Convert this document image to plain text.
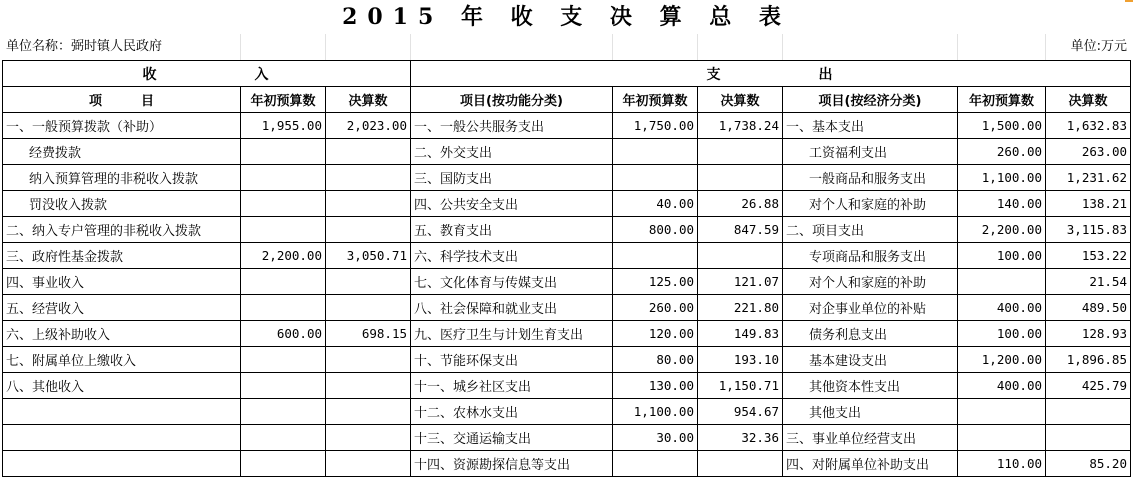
2015 年 收 支 决 算 总 表
单位名称：弼时镇人民政府	单位:万元
收　　　　　　入			支　　　　　　出					
项　　　目	年初预算数	决算数	项目(按功能分类)	年初预算数	决算数	项目(按经济分类)	年初预算数	决算数
一、一般预算拨款（补助）	1,955.00	2,023.00	一、一般公共服务支出	1,750.00	1,738.24	一、基本支出	1,500.00	1,632.83
经费拨款			二、外交支出			工资福利支出	260.00	263.00
纳入预算管理的非税收入拨款			三、国防支出			一般商品和服务支出	1,100.00	1,231.62
罚没收入拨款			四、公共安全支出	40.00	26.88	对个人和家庭的补助	140.00	138.21
二、纳入专户管理的非税收入拨款			五、教育支出	800.00	847.59	二、项目支出	2,200.00	3,115.83
三、政府性基金拨款	2,200.00	3,050.71	六、科学技术支出			专项商品和服务支出	100.00	153.22
四、事业收入			七、文化体育与传媒支出	125.00	121.07	对个人和家庭的补助		21.54
五、经营收入			八、社会保障和就业支出	260.00	221.80	对企事业单位的补贴	400.00	489.50
六、上级补助收入	600.00	698.15	九、医疗卫生与计划生育支出	120.00	149.83	债务利息支出	100.00	128.93
七、附属单位上缴收入			十、节能环保支出	80.00	193.10	基本建设支出	1,200.00	1,896.85
八、其他收入			十一、城乡社区支出	130.00	1,150.71	其他资本性支出	400.00	425.79
			十二、农林水支出	1,100.00	954.67	其他支出		
			十三、交通运输支出	30.00	32.36	三、事业单位经营支出		
			十四、资源勘探信息等支出			四、对附属单位补助支出	110.00	85.20
